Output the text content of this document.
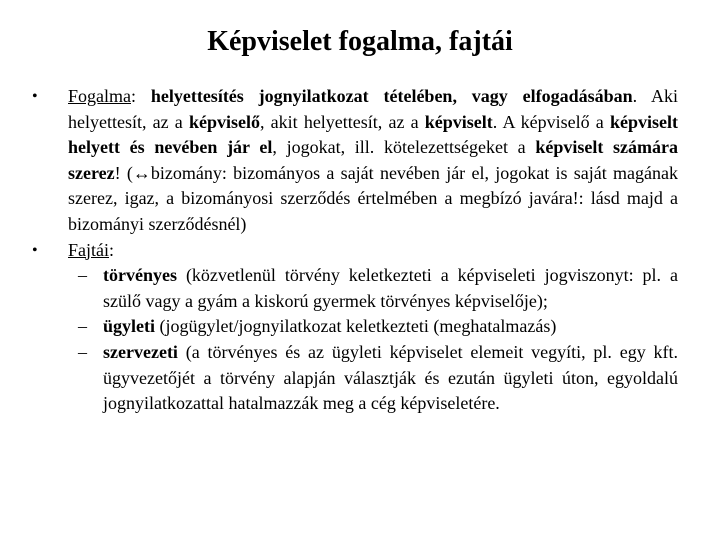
Képviselet fogalma, fajtái

• Fogalma: helyettesítés jognyilatkozat tételében, vagy elfogadásában. Aki helyettesít, az a képviselő, akit helyettesít, az a képviselt. A képviselő a képviselt helyett és nevében jár el, jogokat, ill. kötelezettségeket a képviselt számára szerez! (↔bizomány: bizományos a saját nevében jár el, jogokat is saját magának szerez, igaz, a bizományosi szerződés értelmében a megbízó javára!: lásd majd a bizományi szerződésnél)

• Fajtái:

– törvényes (közvetlenül törvény keletkezteti a képviseleti jogviszonyt: pl. a szülő vagy a gyám a kiskorú gyermek törvényes képviselője);
– ügyleti (jogügylet/jognyilatkozat keletkezteti (meghatalmazás)
– szervezeti (a törvényes és az ügyleti képviselet elemeit vegyíti, pl. egy kft. ügyvezetőjét a törvény alapján választják és ezután ügyleti úton, egyoldalú jognyilatkozattal hatalmazzák meg a cég képviseletére.
